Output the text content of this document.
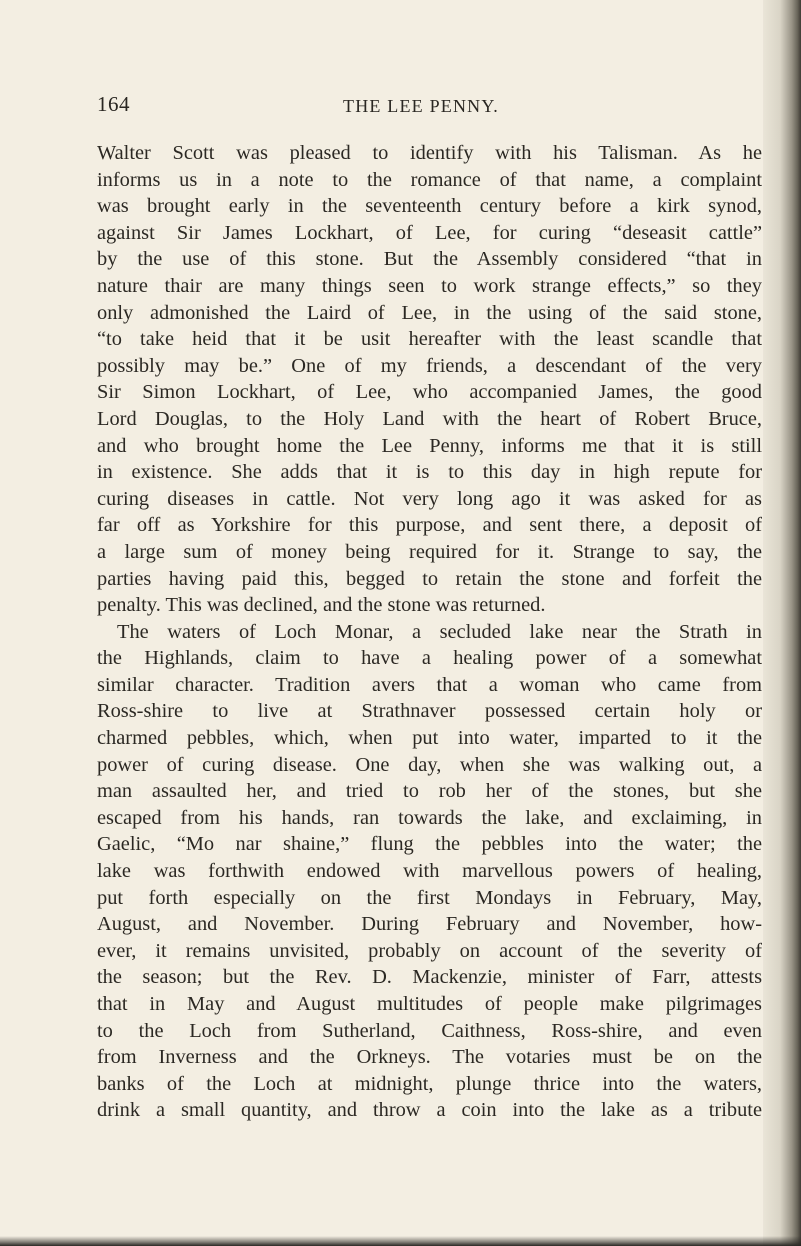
164	THE LEE PENNY.
Walter Scott was pleased to identify with his Talisman. As he
informs us in a note to the romance of that name, a complaint
was brought early in the seventeenth century before a kirk synod,
against Sir James Lockhart, of Lee, for curing “deseasit cattle”
by the use of this stone. But the Assembly considered “that in
nature thair are many things seen to work strange effects,” so they
only admonished the Laird of Lee, in the using of the said stone,
“to take heid that it be usit hereafter with the least scandle that
possibly may be.” One of my friends, a descendant of the very
Sir Simon Lockhart, of Lee, who accompanied James, the good
Lord Douglas, to the Holy Land with the heart of Robert Bruce,
and who brought home the Lee Penny, informs me that it is still
in existence. She adds that it is to this day in high repute for
curing diseases in cattle. Not very long ago it was asked for as
far off as Yorkshire for this purpose, and sent there, a deposit of
a large sum of money being required for it. Strange to say, the
parties having paid this, begged to retain the stone and forfeit the
penalty. This was declined, and the stone was returned.
The waters of Loch Monar, a secluded lake near the Strath in
the Highlands, claim to have a healing power of a somewhat
similar character. Tradition avers that a woman who came from
Ross-shire to live at Strathnaver possessed certain holy or
charmed pebbles, which, when put into water, imparted to it the
power of curing disease. One day, when she was walking out, a
man assaulted her, and tried to rob her of the stones, but she
escaped from his hands, ran towards the lake, and exclaiming, in
Gaelic, “Mo nar shaine,” flung the pebbles into the water; the
lake was forthwith endowed with marvellous powers of healing,
put forth especially on the first Mondays in February, May,
August, and November. During February and November, how-
ever, it remains unvisited, probably on account of the severity of
the season; but the Rev. D. Mackenzie, minister of Farr, attests
that in May and August multitudes of people make pilgrimages
to the Loch from Sutherland, Caithness, Ross-shire, and even
from Inverness and the Orkneys. The votaries must be on the
banks of the Loch at midnight, plunge thrice into the waters,
drink a small quantity, and throw a coin into the lake as a tribute
